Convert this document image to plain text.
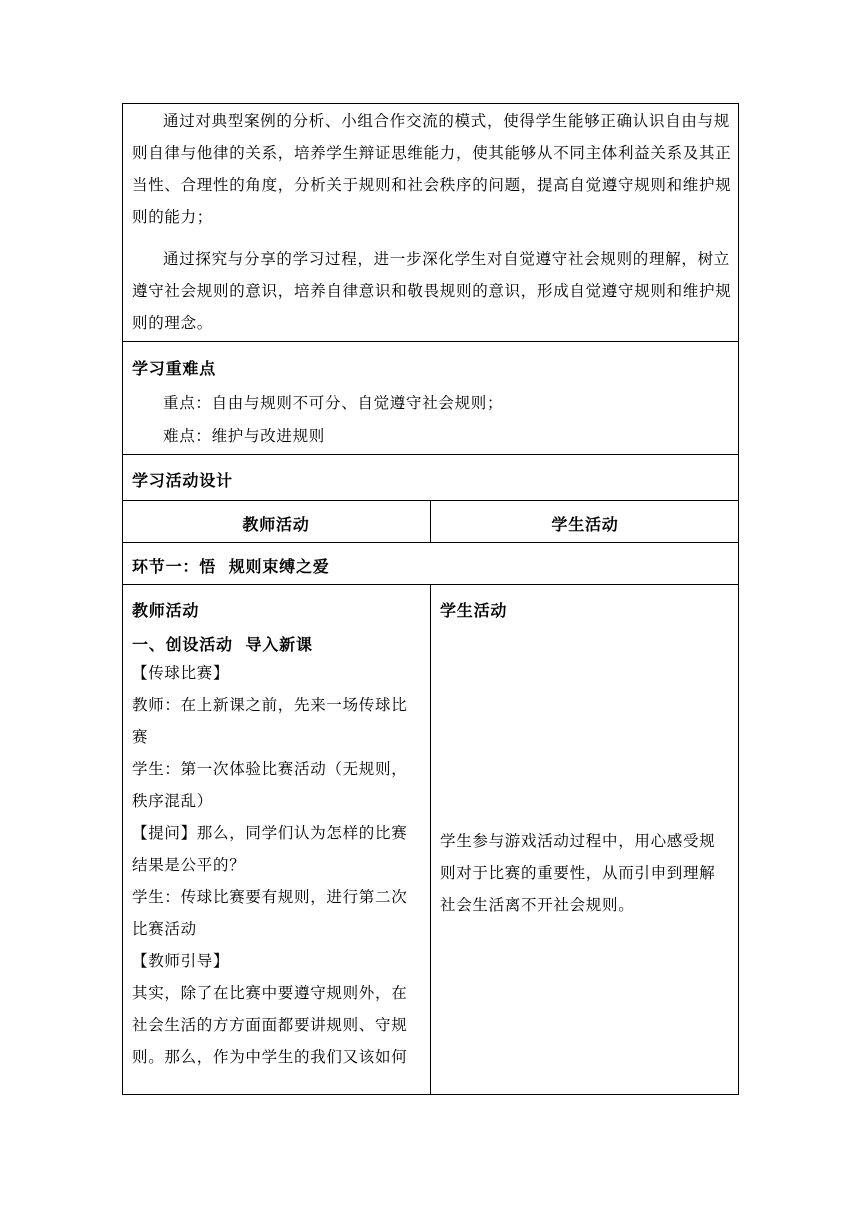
通过对典型案例的分析、小组合作交流的模式，使得学生能够正确认识自由与规则自律与他律的关系，培养学生辩证思维能力，使其能够从不同主体利益关系及其正当性、合理性的角度，分析关于规则和社会秩序的问题，提高自觉遵守规则和维护规则的能力；

通过探究与分享的学习过程，进一步深化学生对自觉遵守社会规则的理解，树立遵守社会规则的意识，培养自律意识和敬畏规则的意识，形成自觉遵守规则和维护规则的理念。

学习重难点

重点：自由与规则不可分、自觉遵守社会规则；

难点：维护与改进规则

学习活动设计

教师活动	学生活动

环节一：悟  规则束缚之爱

教师活动

一、创设活动  导入新课

【传球比赛】

教师：在上新课之前，先来一场传球比

赛

学生：第一次体验比赛活动（无规则，

秩序混乱）

【提问】那么，同学们认为怎样的比赛

结果是公平的？

学生：传球比赛要有规则，进行第二次

比赛活动

【教师引导】

其实，除了在比赛中要遵守规则外，在

社会生活的方方面面都要讲规则、守规

则。那么，作为中学生的我们又该如何

学生活动

学生参与游戏活动过程中，用心感受规

则对于比赛的重要性，从而引申到理解

社会生活离不开社会规则。
